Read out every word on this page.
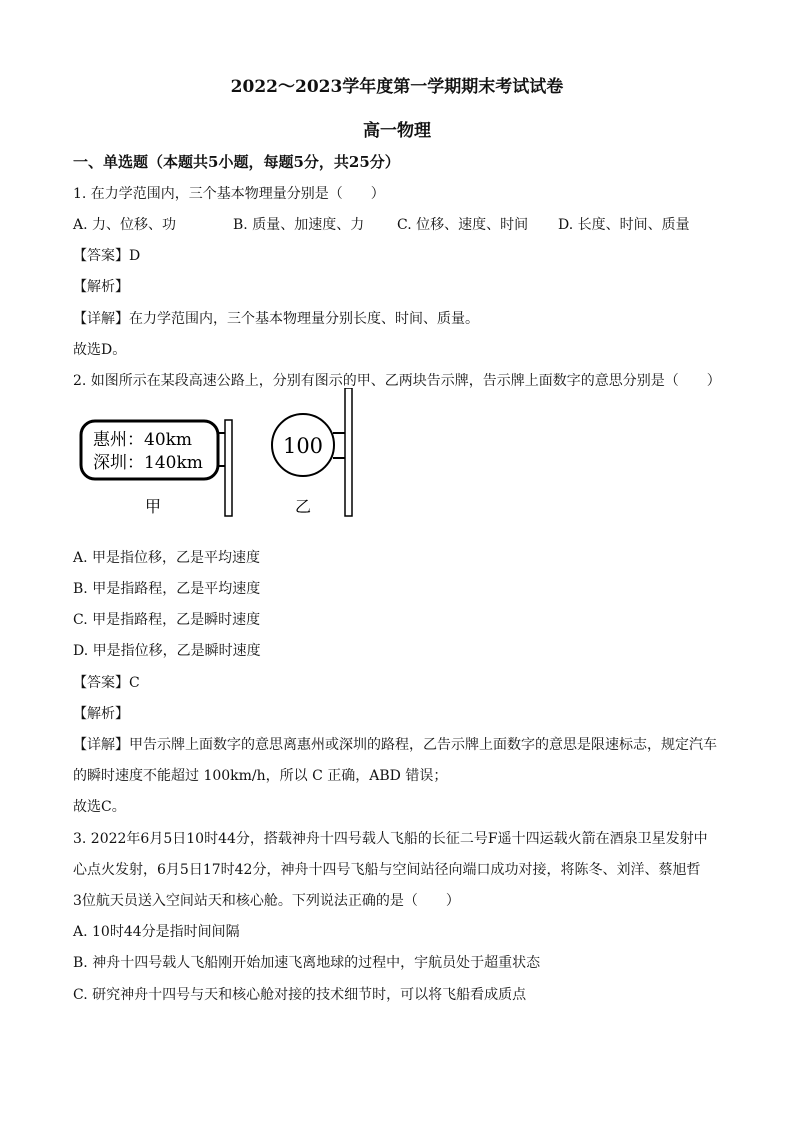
2022～2023学年度第一学期期末考试试卷
高一物理
一、单选题（本题共5小题，每题5分，共25分）
1. 在力学范围内，三个基本物理量分别是（　　）
A. 力、位移、功	B. 质量、加速度、力 C. 位移、速度、时间 D. 长度、时间、质量
【答案】D
【解析】
【详解】在力学范围内，三个基本物理量分别长度、时间、质量。
故选D。
2. 如图所示在某段高速公路上，分别有图示的甲、乙两块告示牌，告示牌上面数字的意思分别是（　　）
惠州：40km
深圳：140km
甲
100
乙
A. 甲是指位移，乙是平均速度
B. 甲是指路程，乙是平均速度
C. 甲是指路程，乙是瞬时速度
D. 甲是指位移，乙是瞬时速度
【答案】C
【解析】
【详解】甲告示牌上面数字的意思离惠州或深圳的路程，乙告示牌上面数字的意思是限速标志，规定汽车
的瞬时速度不能超过 100km/h，所以 C 正确，ABD 错误；
故选C。
3. 2022年6月5日10时44分，搭载神舟十四号载人飞船的长征二号F遥十四运载火箭在酒泉卫星发射中
心点火发射，6月5日17时42分，神舟十四号飞船与空间站径向端口成功对接，将陈冬、刘洋、蔡旭哲
3位航天员送入空间站天和核心舱。下列说法正确的是（　　）
A. 10时44分是指时间间隔
B. 神舟十四号载人飞船刚开始加速飞离地球的过程中，宇航员处于超重状态
C. 研究神舟十四号与天和核心舱对接的技术细节时，可以将飞船看成质点
